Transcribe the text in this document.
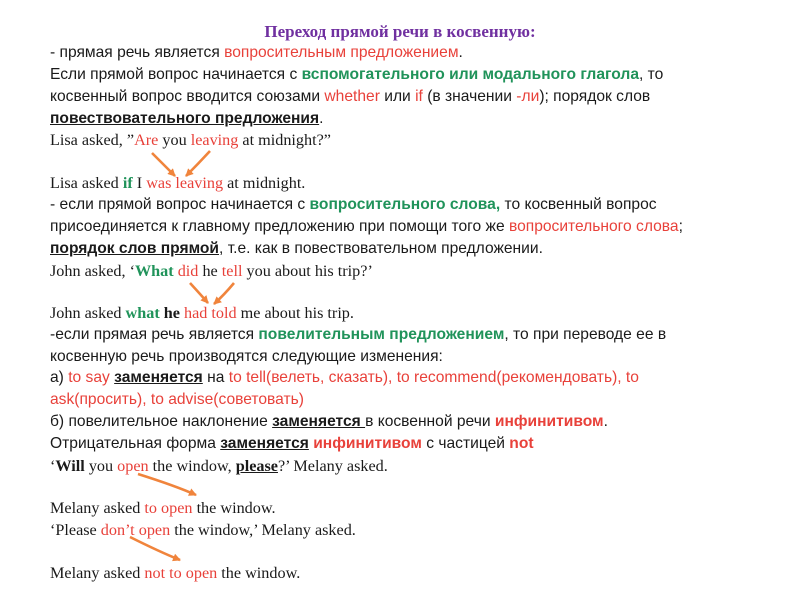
Переход прямой речи в косвенную:
- прямая речь является вопросительным предложением.
Если прямой вопрос начинается с вспомогательного или модального глагола, то
косвенный вопрос вводится союзами whether или if (в значении -ли); порядок слов
повествовательного предложения.
Lisa asked, ”Are you leaving at midnight?”
Lisa asked if I was leaving at midnight.
- если прямой вопрос начинается с вопросительного слова, то косвенный вопрос
присоединяется к главному предложению при помощи того же вопросительного слова;
порядок слов прямой, т.е. как в повествовательном предложении.
John asked, ‘What did he tell you about his trip?’
John asked what he had told me about his trip.
-если прямая речь является повелительным предложением, то при переводе ее в
косвенную речь производятся следующие изменения:
а) to say заменяется на to tell(велеть, сказать), to recommend(рекомендовать), to
ask(просить), to advise(советовать)
б) повелительное наклонение заменяется в косвенной речи инфинитивом.
Отрицательная форма заменяется инфинитивом с частицей not
‘Will you open the window, please?’ Melany asked.
Melany asked to open the window.
‘Please don’t open the window,’ Melany asked.
Melany asked not to open the window.
